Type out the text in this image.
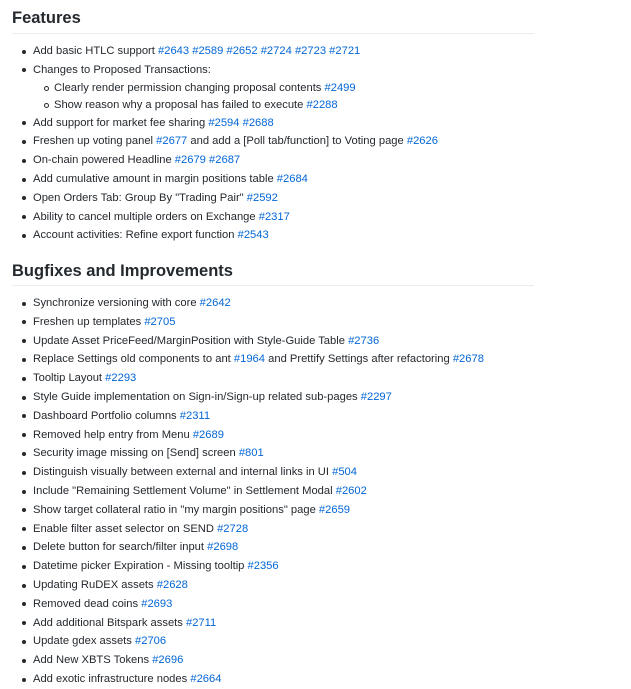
Features
Add basic HTLC support #2643 #2589 #2652 #2724 #2723 #2721
Changes to Proposed Transactions:
Clearly render permission changing proposal contents #2499
Show reason why a proposal has failed to execute #2288
Add support for market fee sharing #2594 #2688
Freshen up voting panel #2677 and add a [Poll tab/function] to Voting page #2626
On-chain powered Headline #2679 #2687
Add cumulative amount in margin positions table #2684
Open Orders Tab: Group By "Trading Pair" #2592
Ability to cancel multiple orders on Exchange #2317
Account activities: Refine export function #2543
Bugfixes and Improvements
Synchronize versioning with core #2642
Freshen up templates #2705
Update Asset PriceFeed/MarginPosition with Style-Guide Table #2736
Replace Settings old components to ant #1964 and Prettify Settings after refactoring #2678
Tooltip Layout #2293
Style Guide implementation on Sign-in/Sign-up related sub-pages #2297
Dashboard Portfolio columns #2311
Removed help entry from Menu #2689
Security image missing on [Send] screen #801
Distinguish visually between external and internal links in UI #504
Include "Remaining Settlement Volume" in Settlement Modal #2602
Show target collateral ratio in "my margin positions" page #2659
Enable filter asset selector on SEND #2728
Delete button for search/filter input #2698
Datetime picker Expiration - Missing tooltip #2356
Updating RuDEX assets #2628
Removed dead coins #2693
Add additional Bitspark assets #2711
Update gdex assets #2706
Add New XBTS Tokens #2696
Add exotic infrastructure nodes #2664
